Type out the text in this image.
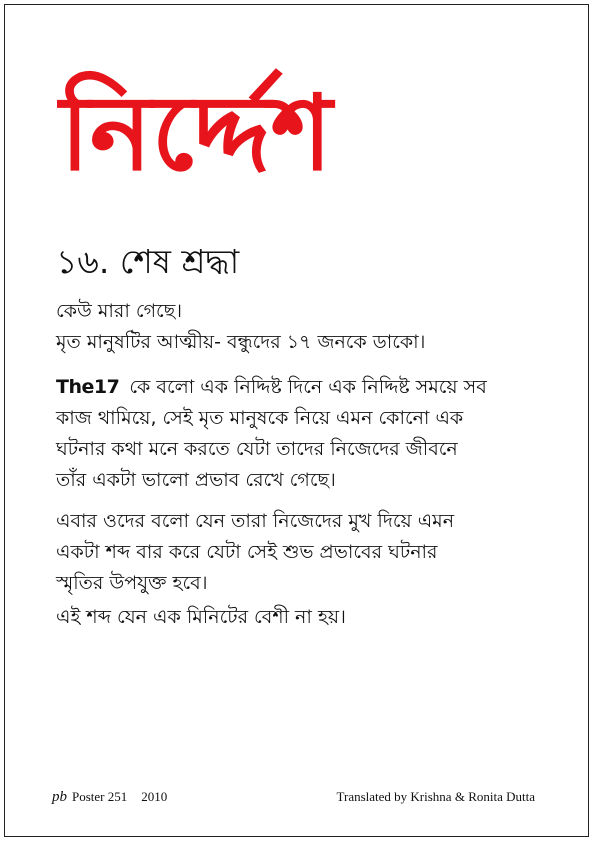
নির্দ্দেশ
১৬. শেষ শ্রদ্ধা
কেউ মারা গেছে।
মৃত মানুষটির আত্মীয়- বন্ধুদের ১৭ জনকে ডাকো।
The17 কে বলো এক নিদ্দিষ্ট দিনে এক নিদ্দিষ্ট সময়ে সব
কাজ থামিয়ে, সেই মৃত মানুষকে নিয়ে এমন কোনো এক
ঘটনার কথা মনে করতে যেটা তাদের নিজেদের জীবনে
তাঁর একটা ভালো প্রভাব রেখে গেছে।
এবার ওদের বলো যেন তারা নিজেদের মুখ দিয়ে এমন
একটা শব্দ বার করে যেটা সেই শুভ প্রভাবের ঘটনার
স্মৃতির উপযুক্ত হবে।
এই শব্দ যেন এক মিনিটের বেশী না হয়।
pb Poster 251 2010	Translated by Krishna & Ronita Dutta
